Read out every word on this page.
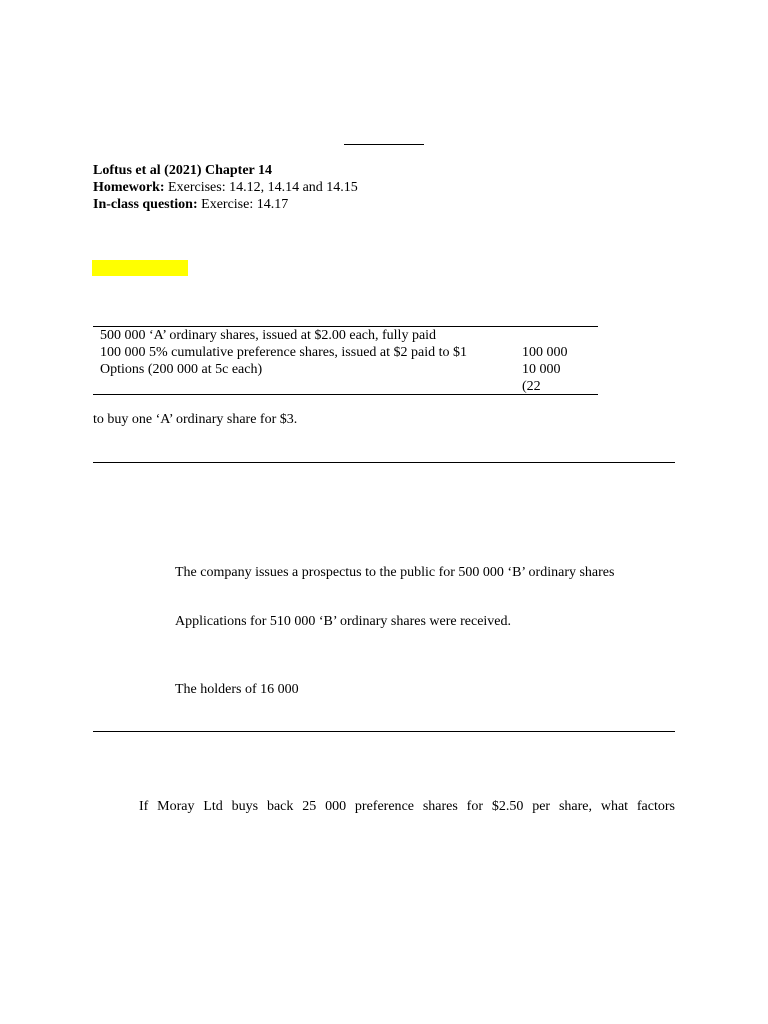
Loftus et al (2021) Chapter 14
Homework: Exercises: 14.12, 14.14 and 14.15
In-class question: Exercise: 14.17
500 000 ‘A’ ordinary shares, issued at $2.00 each, fully paid
100 000 5% cumulative preference shares, issued at $2 paid to $1	100 000
Options (200 000 at 5c each)	10 000
(22
to buy one ‘A’ ordinary share for $3.
The company issues a prospectus to the public for 500 000 ‘B’ ordinary shares
Applications for 510 000 ‘B’ ordinary shares were received.
The holders of 16 000
If Moray Ltd buys back 25 000 preference shares for $2.50 per share, what factors
